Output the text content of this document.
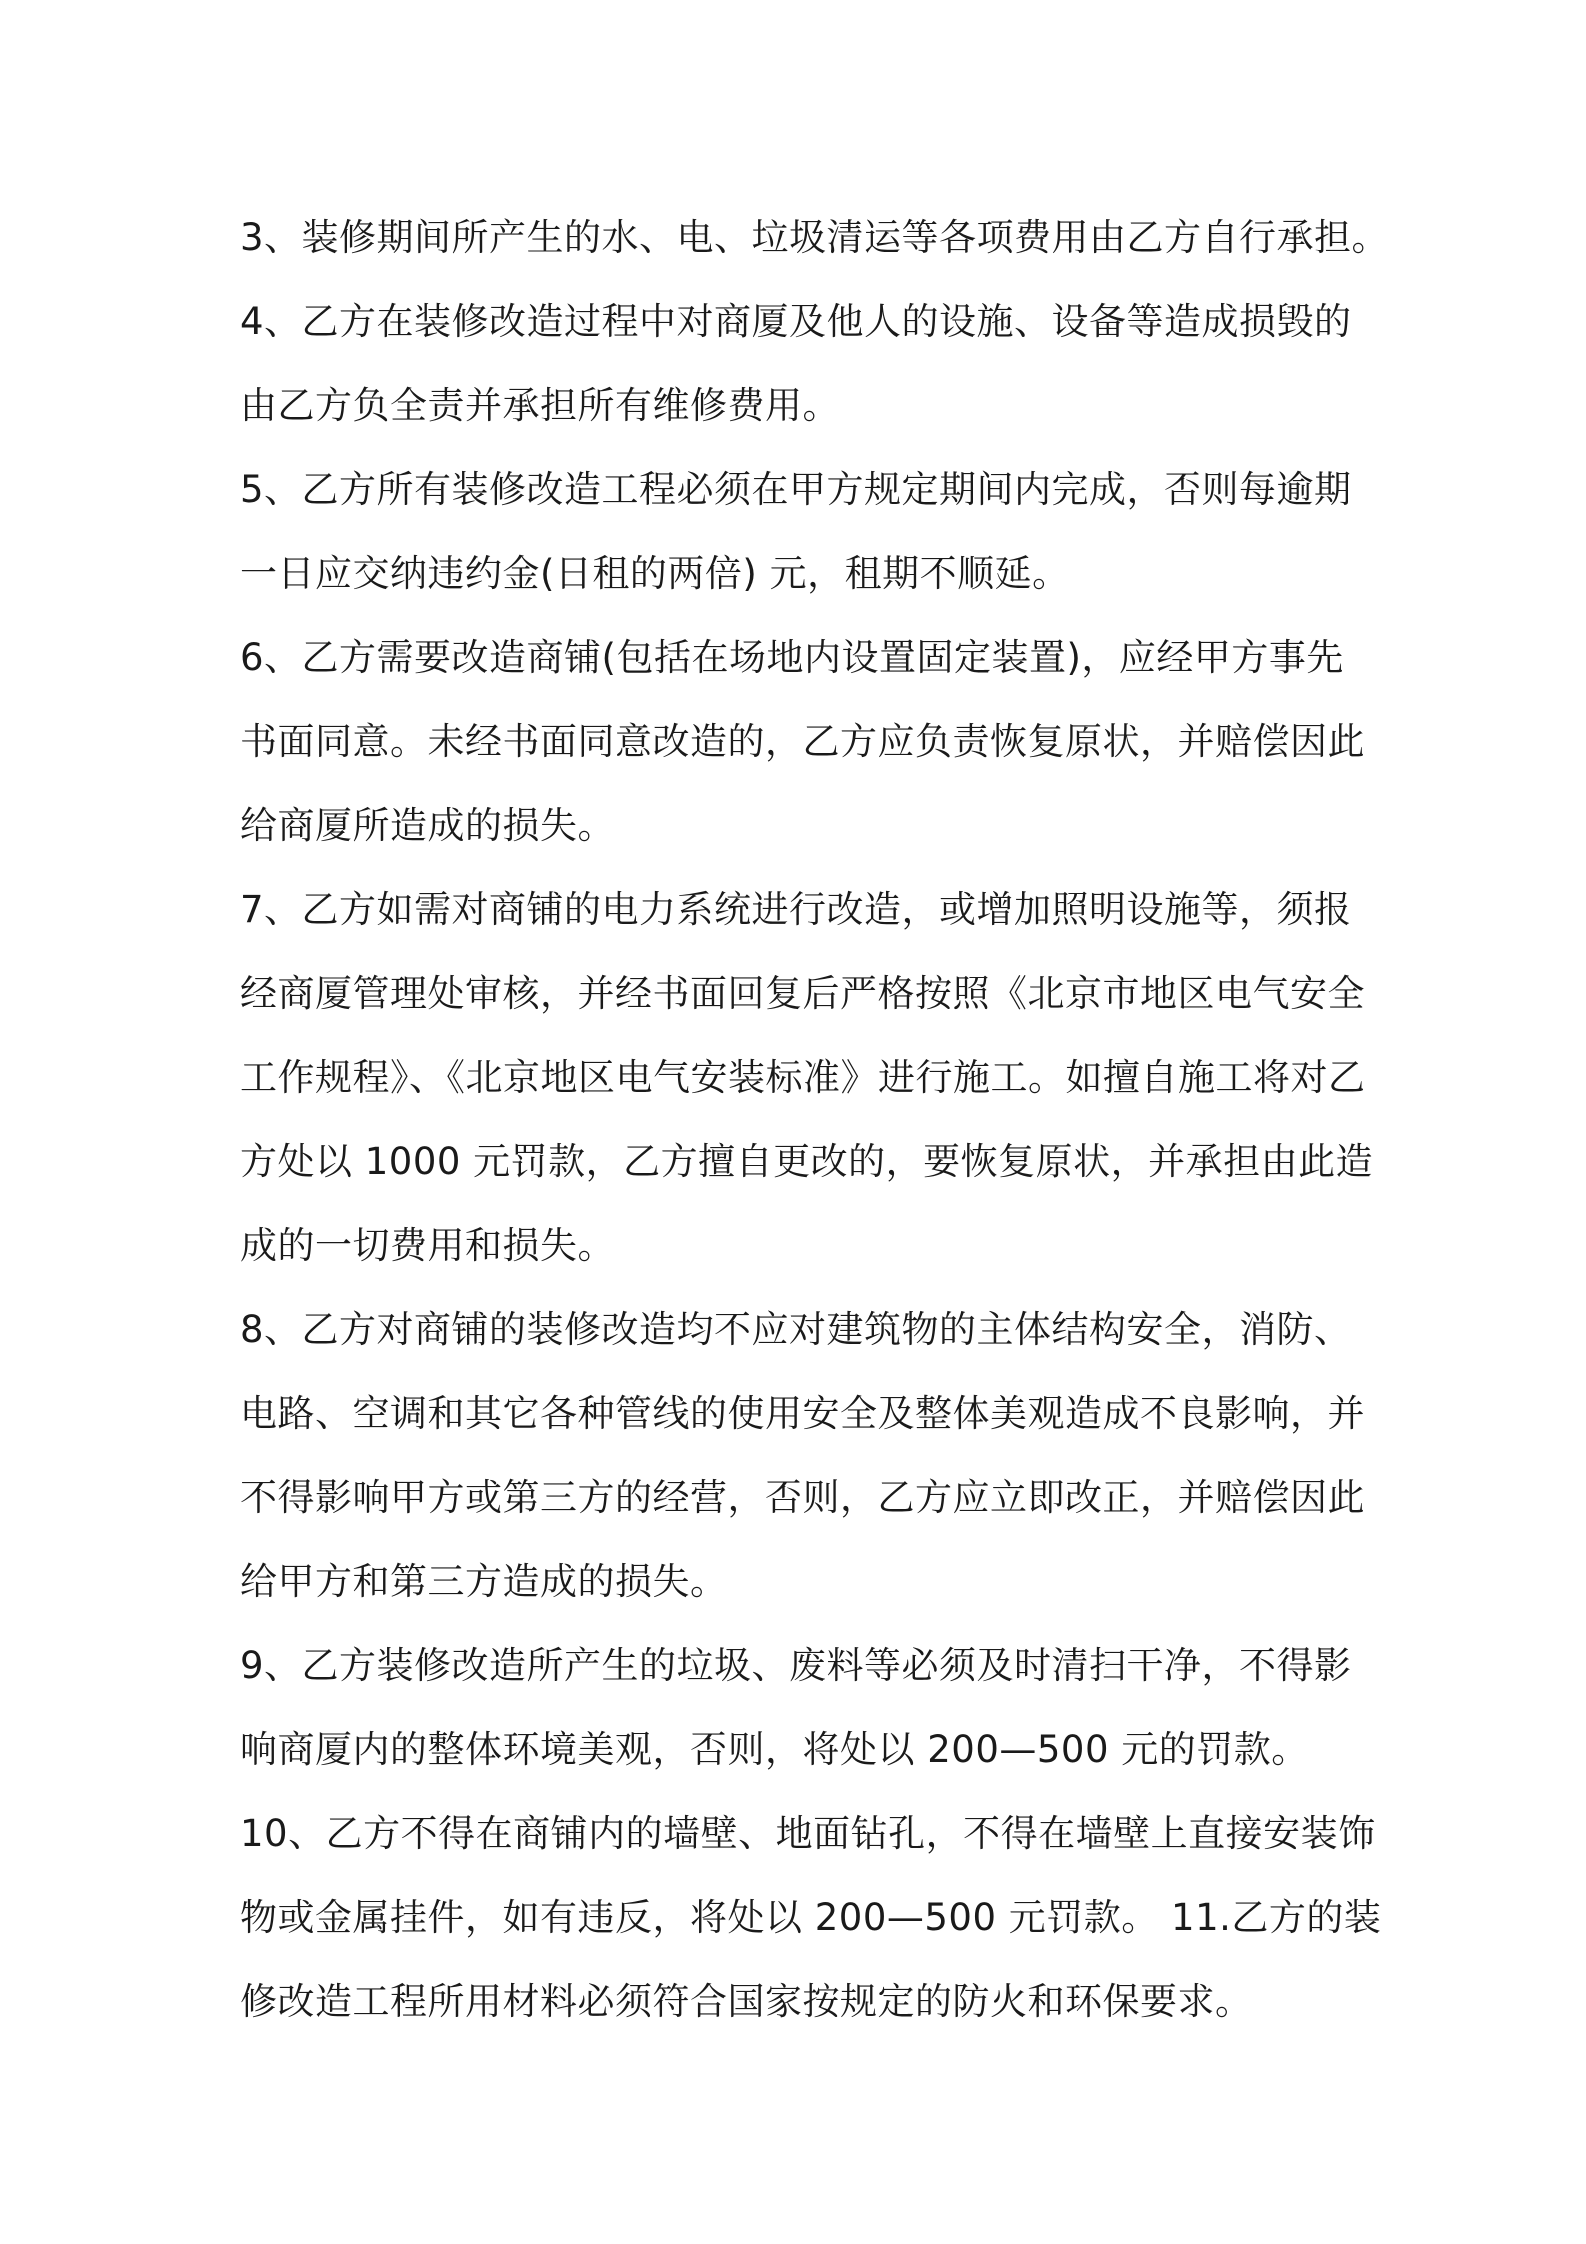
3、装修期间所产生的水、电、垃圾清运等各项费用由乙方自行承担。
4、乙方在装修改造过程中对商厦及他人的设施、设备等造成损毁的
由乙方负全责并承担所有维修费用。
5、乙方所有装修改造工程必须在甲方规定期间内完成，否则每逾期
一日应交纳违约金(日租的两倍) 元，租期不顺延。
6、乙方需要改造商铺(包括在场地内设置固定装置)，应经甲方事先
书面同意。未经书面同意改造的，乙方应负责恢复原状，并赔偿因此
给商厦所造成的损失。
7、乙方如需对商铺的电力系统进行改造，或增加照明设施等，须报
经商厦管理处审核，并经书面回复后严格按照《北京市地区电气安全
工作规程》、《北京地区电气安装标准》进行施工。如擅自施工将对乙
方处以 1000 元罚款，乙方擅自更改的，要恢复原状，并承担由此造
成的一切费用和损失。
8、乙方对商铺的装修改造均不应对建筑物的主体结构安全，消防、
电路、空调和其它各种管线的使用安全及整体美观造成不良影响，并
不得影响甲方或第三方的经营，否则，乙方应立即改正，并赔偿因此
给甲方和第三方造成的损失。
9、乙方装修改造所产生的垃圾、废料等必须及时清扫干净，不得影
响商厦内的整体环境美观，否则，将处以 200—500 元的罚款。
10、乙方不得在商铺内的墙壁、地面钻孔，不得在墙壁上直接安装饰
物或金属挂件，如有违反，将处以 200—500 元罚款。 11.乙方的装
修改造工程所用材料必须符合国家按规定的防火和环保要求。
